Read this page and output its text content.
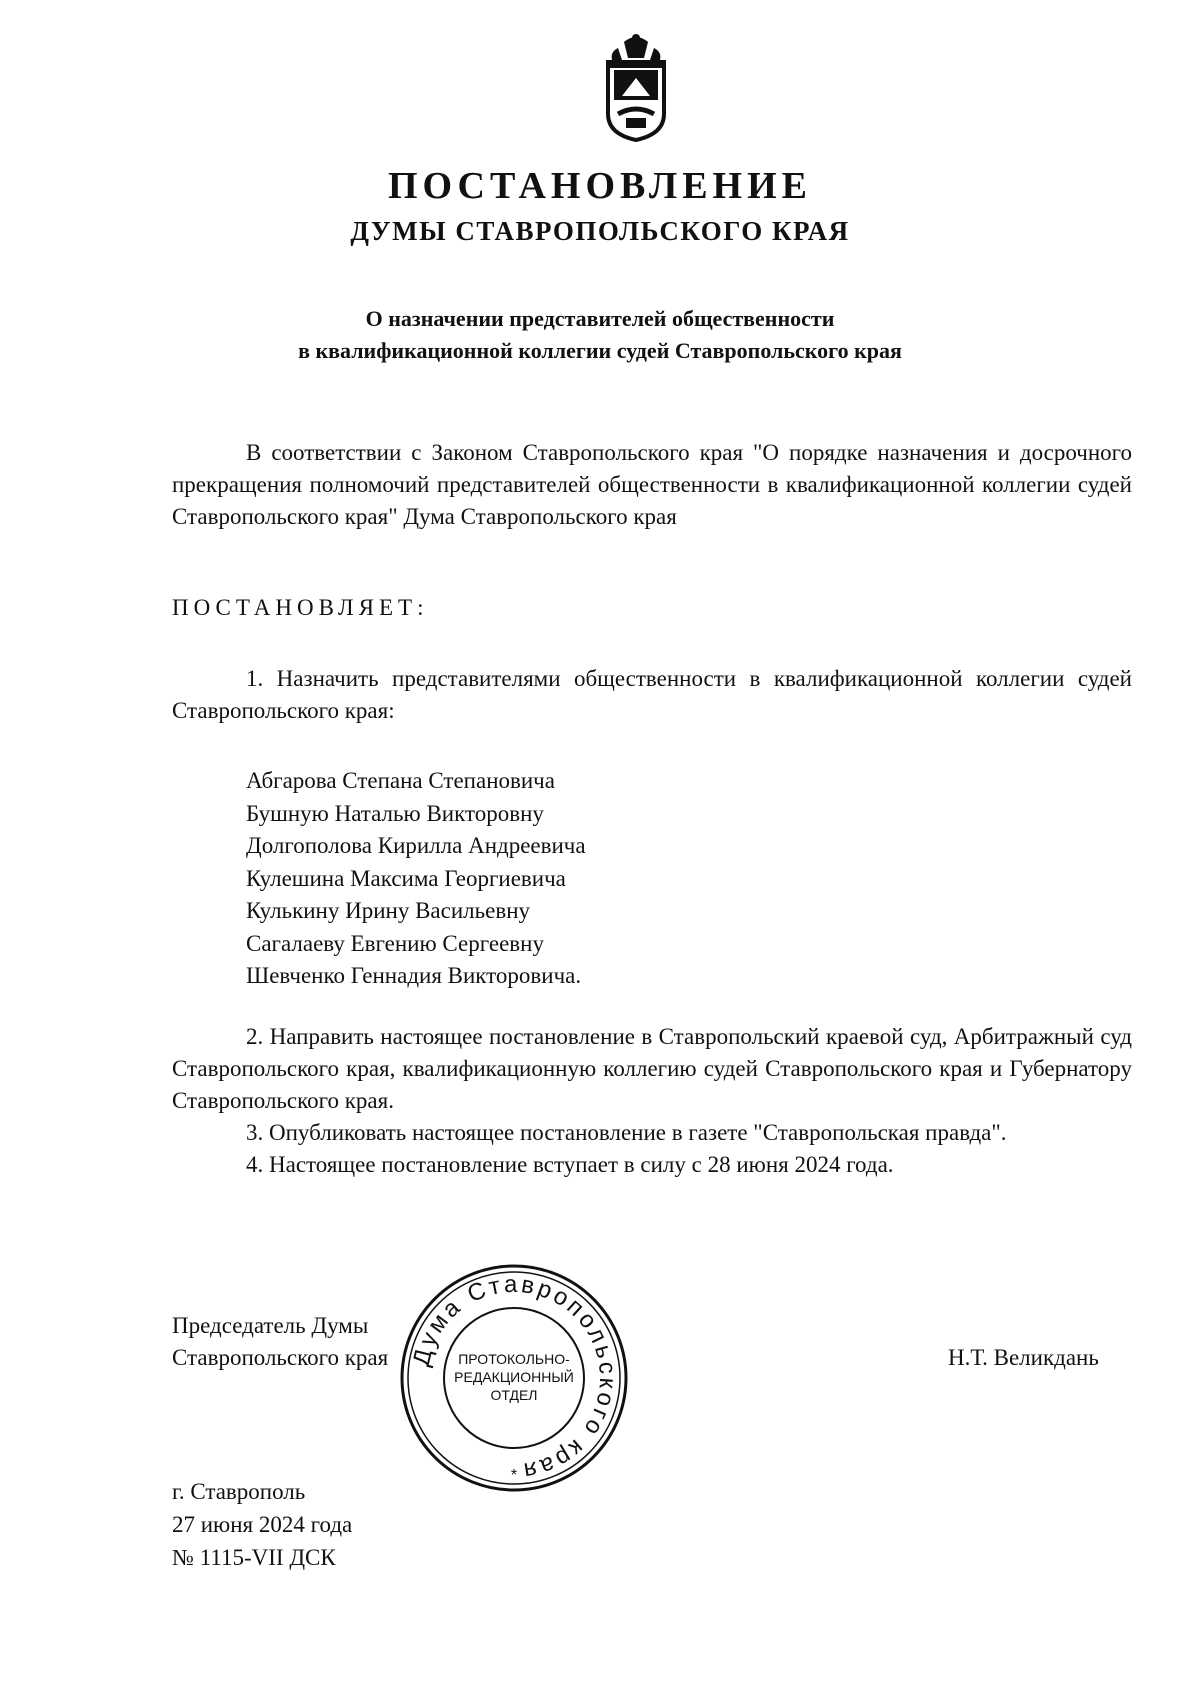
ПОСТАНОВЛЕНИЕ
ДУМЫ СТАВРОПОЛЬСКОГО КРАЯ
О назначении представителей общественности
в квалификационной коллегии судей Ставропольского края
В соответствии с Законом Ставропольского края "О порядке назначения и досрочного прекращения полномочий представителей общественности в квалификационной коллегии судей Ставропольского края" Дума Ставропольского края
ПОСТАНОВЛЯЕТ:
1. Назначить представителями общественности в квалификационной коллегии судей Ставропольского края:
Абгарова Степана Степановича
Бушную Наталью Викторовну
Долгополова Кирилла Андреевича
Кулешина Максима Георгиевича
Кулькину Ирину Васильевну
Сагалаеву Евгению Сергеевну
Шевченко Геннадия Викторовича.

2. Направить настоящее постановление в Ставропольский краевой суд, Арбитражный суд Ставропольского края, квалификационную коллегию судей Ставропольского края и Губернатору Ставропольского края.

3. Опубликовать настоящее постановление в газете "Ставропольская правда".

4. Настоящее постановление вступает в силу с 28 июня 2024 года.

Председатель Думы
Ставропольского края	Н.Т. Великдань
Дума Ставропольского края
ПРОТОКОЛЬНО-
РЕДАКЦИОННЫЙ
ОТДЕЛ
*
г. Ставрополь
27 июня 2024 года
№ 1115-VII ДСК
